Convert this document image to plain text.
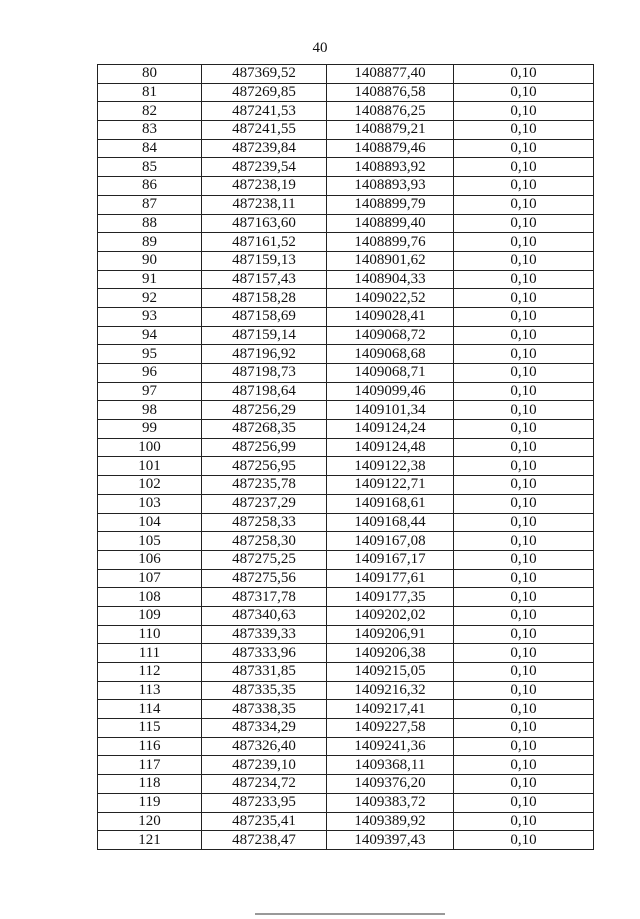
40
80	487369,52	1408877,40	0,10
81	487269,85	1408876,58	0,10
82	487241,53	1408876,25	0,10
83	487241,55	1408879,21	0,10
84	487239,84	1408879,46	0,10
85	487239,54	1408893,92	0,10
86	487238,19	1408893,93	0,10
87	487238,11	1408899,79	0,10
88	487163,60	1408899,40	0,10
89	487161,52	1408899,76	0,10
90	487159,13	1408901,62	0,10
91	487157,43	1408904,33	0,10
92	487158,28	1409022,52	0,10
93	487158,69	1409028,41	0,10
94	487159,14	1409068,72	0,10
95	487196,92	1409068,68	0,10
96	487198,73	1409068,71	0,10
97	487198,64	1409099,46	0,10
98	487256,29	1409101,34	0,10
99	487268,35	1409124,24	0,10
100	487256,99	1409124,48	0,10
101	487256,95	1409122,38	0,10
102	487235,78	1409122,71	0,10
103	487237,29	1409168,61	0,10
104	487258,33	1409168,44	0,10
105	487258,30	1409167,08	0,10
106	487275,25	1409167,17	0,10
107	487275,56	1409177,61	0,10
108	487317,78	1409177,35	0,10
109	487340,63	1409202,02	0,10
110	487339,33	1409206,91	0,10
111	487333,96	1409206,38	0,10
112	487331,85	1409215,05	0,10
113	487335,35	1409216,32	0,10
114	487338,35	1409217,41	0,10
115	487334,29	1409227,58	0,10
116	487326,40	1409241,36	0,10
117	487239,10	1409368,11	0,10
118	487234,72	1409376,20	0,10
119	487233,95	1409383,72	0,10
120	487235,41	1409389,92	0,10
121	487238,47	1409397,43	0,10
